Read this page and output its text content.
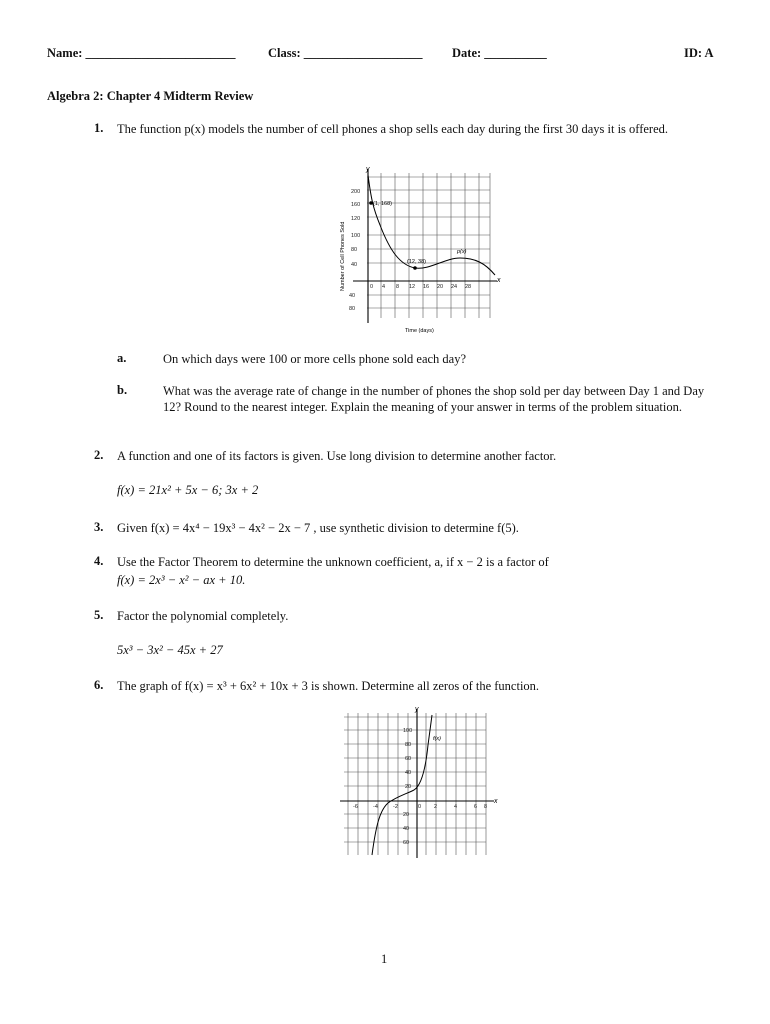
Name: ________________________	Class: ___________________ Date: __________	ID: A
Algebra 2: Chapter 4 Midterm Review
1. The function p(x) models the number of cell phones a shop sells each day during the first 30 days it is offered.
y
x
200
160
120
100
80
40
40
80
0 4 8 12 16 20 24 28
(1, 168)
(12, 38)
p(x)
Number of Cell Phones Sold
Time (days)
a.	On which days were 100 or more cells phone sold each day?
b.	What was the average rate of change in the number of phones the shop sold per day between Day 1 and Day 12? Round to the nearest integer. Explain the meaning of your answer in terms of the problem situation.
2. A function and one of its factors is given. Use long division to determine another factor.
f(x) = 21x² + 5x − 6; 3x + 2
3. Given f(x) = 4x⁴ − 19x³ − 4x² − 2x − 7 , use synthetic division to determine f(5).
4. Use the Factor Theorem to determine the unknown coefficient, a, if x − 2 is a factor of
f(x) = 2x³ − x² − ax + 10.
5. Factor the polynomial completely.
5x³ − 3x² − 45x + 27
6. The graph of f(x) = x³ + 6x² + 10x + 3 is shown. Determine all zeros of the function.
y
x
100
80
60
40
20
20
40
60
-6	-4	-2	0 2	4	6 8
f(x)
1
